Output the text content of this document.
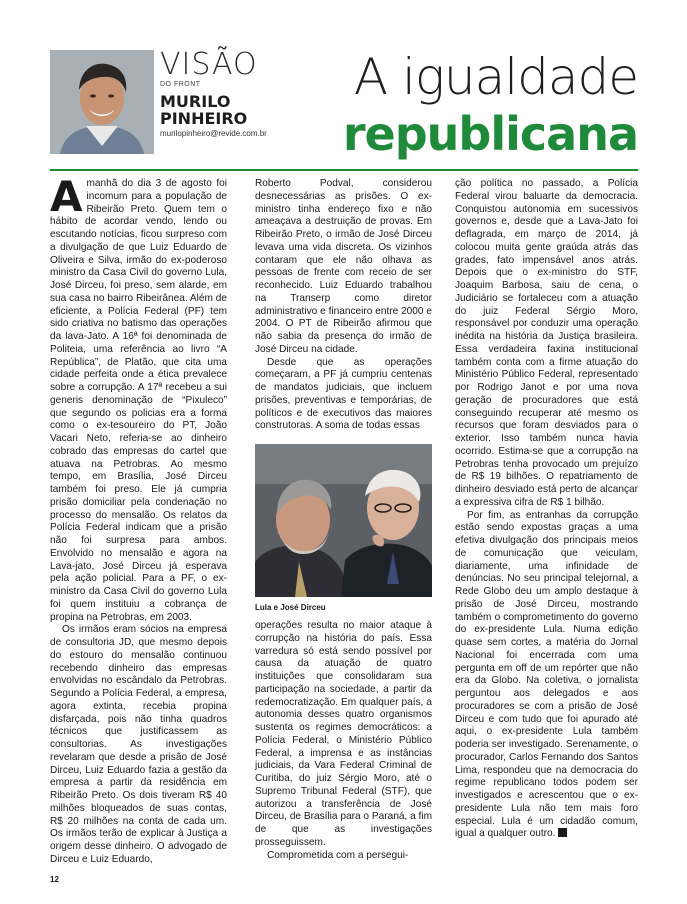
VISÃO
DO FRONT
MURILO
PINHEIRO
murilopinheiro@revide.com.br
A igualdade
republicana

Amanhã do dia 3 de agosto foi incomum para a população de Ribeirão Preto. Quem tem o hábito de acordar vendo, lendo ou escutando notícias, ficou surpreso com a divulgação de que Luiz Eduardo de Oliveira e Silva, irmão do ex-poderoso ministro da Casa Civil do governo Lula, José Dirceu, foi preso, sem alarde, em sua casa no bairro Ribeirânea. Além de eficiente, a Polícia Federal (PF) tem sido criativa no batismo das operações da lava-Jato. A 16ª foi denominada de Politeia, uma referência ao livro “A República”, de Platão, que cita uma cidade perfeita onde a ética prevalece sobre a corrupção. A 17ª recebeu a sui generis denominação de “Pixuleco” que segundo os policias era a forma como o ex-tesoureiro do PT, João Vacari Neto, referia-se ao dinheiro cobrado das empresas do cartel que atuava na Petrobras. Ao mesmo tempo, em Brasília, José Dirceu também foi preso. Ele já cumpria prisão domiciliar pela condenação no processo do mensalão. Os relatos da Polícia Federal indicam que a prisão não foi surpresa para ambos. Envolvido no mensalão e agora na Lava-jato, José Dirceu já esperava pela ação policial. Para a PF, o ex-ministro da Casa Civil do governo Lula foi quem instituiu a cobrança de propina na Petrobras, em 2003.

Os irmãos eram sócios na empresa de consultoria JD, que mesmo depois do estouro do mensalão continuou recebendo dinheiro das empresas envolvidas no escândalo da Petrobras. Segundo a Polícia Federal, a empresa, agora extinta, recebia propina disfarçada, pois não tinha quadros técnicos que justificassem as consultorias. As investigações revelaram que desde a prisão de José Dirceu, Luiz Eduardo fazia a gestão da empresa a partir da residência em Ribeirão Preto. Os dois tiveram R$ 40 milhões bloqueados de suas contas, R$ 20 milhões na conta de cada um. Os irmãos terão de explicar à Justiça a origem desse dinheiro. O advogado de Dirceu e Luiz Eduardo,

Roberto Podval, considerou desnecessárias as prisões. O ex-ministro tinha endereço fixo e não ameaçava a destruição de provas. Em Ribeirão Preto, o irmão de José Dirceu levava uma vida discreta. Os vizinhos contaram que ele não olhava as pessoas de frente com receio de ser reconhecido. Luiz Eduardo trabalhou na Transerp como diretor administrativo e financeiro entre 2000 e 2004. O PT de Ribeirão afirmou que não sabia da presença do irmão de José Dirceu na cidade.

Desde que as operações começaram, a PF já cumpriu centenas de mandatos judiciais, que incluem prisões, preventivas e temporárias, de políticos e de executivos das maiores construtoras. A soma de todas essas

Lula e José Dirceu

operações resulta no maior ataque à corrupção na história do país. Essa varredura só está sendo possível por causa da atuação de quatro instituições que consolidaram sua participação na sociedade, a partir da redemocratização. Em qualquer país, a autonomia desses quatro organismos sustenta os regimes democráticos: a Polícia Federal, o Ministério Público Federal, a imprensa e as instâncias judiciais, da Vara Federal Criminal de Curitiba, do juiz Sérgio Moro, até o Supremo Tribunal Federal (STF), que autorizou a transferência de José Dirceu, de Brasília para o Paraná, a fim de que as investigações prosseguissem.

Comprometida com a persegui-

ção política no passado, a Polícia Federal virou baluarte da democracia. Conquistou autonomia em sucessivos governos e, desde que a Lava-Jato foi deflagrada, em março de 2014, já colocou muita gente graúda atrás das grades, fato impensável anos atrás. Depois que o ex-ministro do STF, Joaquim Barbosa, saiu de cena, o Judiciário se fortaleceu com a atuação do juiz Federal Sérgio Moro, responsável por conduzir uma operação inédita na história da Justiça brasileira. Essa verdadeira faxina institucional também conta com a firme atuação do Ministério Público Federal, representado por Rodrigo Janot e por uma nova geração de procuradores que está conseguindo recuperar até mesmo os recursos que foram desviados para o exterior. Isso também nunca havia ocorrido. Estima-se que a corrupção na Petrobras tenha provocado um prejuízo de R$ 19 bilhões. O repatriamento de dinheiro desviado está perto de alcançar a expressiva cifra de R$ 1 bilhão.

Por fim, as entranhas da corrupção estão sendo expostas graças a uma efetiva divulgação dos principais meios de comunicação que veiculam, diariamente, uma infinidade de denúncias. No seu principal telejornal, a Rede Globo deu um amplo destaque à prisão de José Dirceu, mostrando também o comprometimento do governo do ex-presidente Lula. Numa edição quase sem cortes, a matéria do Jornal Nacional foi encerrada com uma pergunta em off de um repórter que não era da Globo. Na coletiva, o jornalista perguntou aos delegados e aos procuradores se com a prisão de José Dirceu e com tudo que foi apurado até aqui, o ex-presidente Lula também poderia ser investigado. Serenamente, o procurador, Carlos Fernando dos Santos Lima, respondeu que na democracia do regime republicano todos podem ser investigados e acrescentou que o ex-presidente Lula não tem mais foro especial. Lula é um cidadão comum, igual a qualquer outro.

12
